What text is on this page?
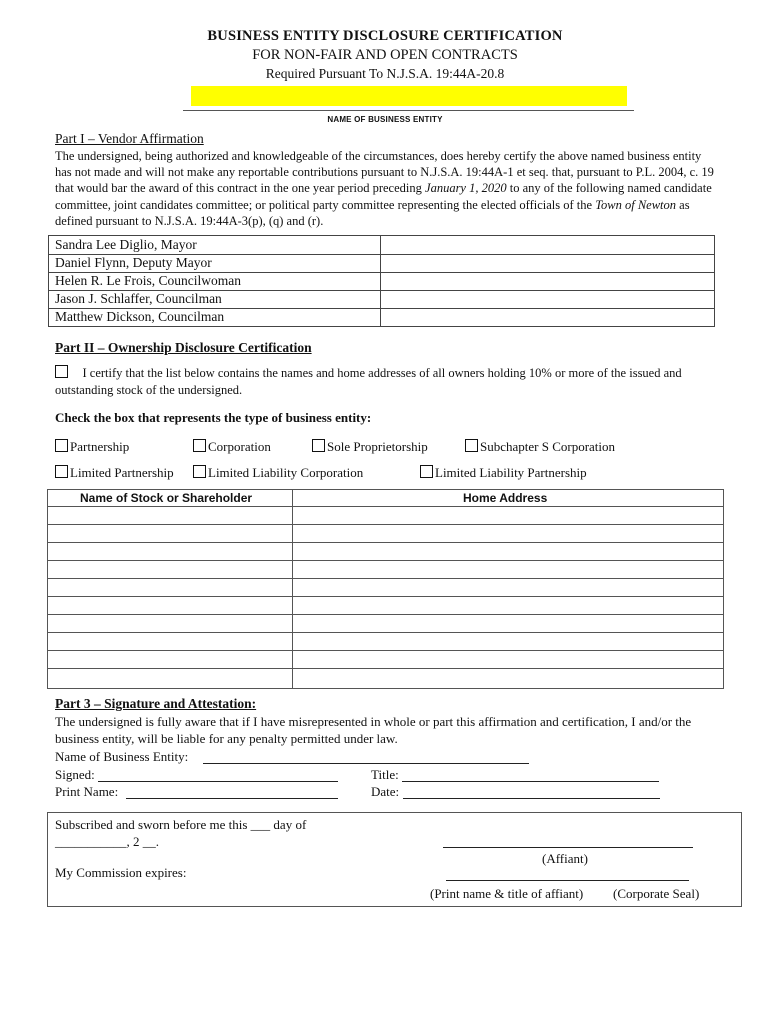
BUSINESS ENTITY DISCLOSURE CERTIFICATION
FOR NON-FAIR AND OPEN CONTRACTS
Required Pursuant To N.J.S.A. 19:44A-20.8
NAME OF BUSINESS ENTITY
Part I – Vendor Affirmation
The undersigned, being authorized and knowledgeable of the circumstances, does hereby certify the above named business entity has not made and will not make any reportable contributions pursuant to N.J.S.A. 19:44A-1 et seq. that, pursuant to P.L. 2004, c. 19 that would bar the award of this contract in the one year period preceding January 1, 2020 to any of the following named candidate committee, joint candidates committee; or political party committee representing the elected officials of the Town of Newton as defined pursuant to N.J.S.A. 19:44A-3(p), (q) and (r).
Sandra Lee Diglio, Mayor
Daniel Flynn, Deputy Mayor
Helen R. Le Frois, Councilwoman
Jason J. Schlaffer, Councilman
Matthew Dickson, Councilman
Part II – Ownership Disclosure Certification
I certify that the list below contains the names and home addresses of all owners holding 10% or more of the issued and outstanding stock of the undersigned.
Check the box that represents the type of business entity:
Partnership	Corporation	Sole Proprietorship	Subchapter S Corporation
Limited Partnership	Limited Liability Corporation	Limited Liability Partnership
Name of Stock or Shareholder	Home Address
Part 3 – Signature and Attestation:
The undersigned is fully aware that if I have misrepresented in whole or part this affirmation and certification, I and/or the business entity, will be liable for any penalty permitted under law.
Name of Business Entity:
Signed:	Title:
Print Name:	Date:
Subscribed and sworn before me this ___ day of
___________, 2 __.
My Commission expires:
(Affiant)
(Print name & title of affiant) (Corporate Seal)
